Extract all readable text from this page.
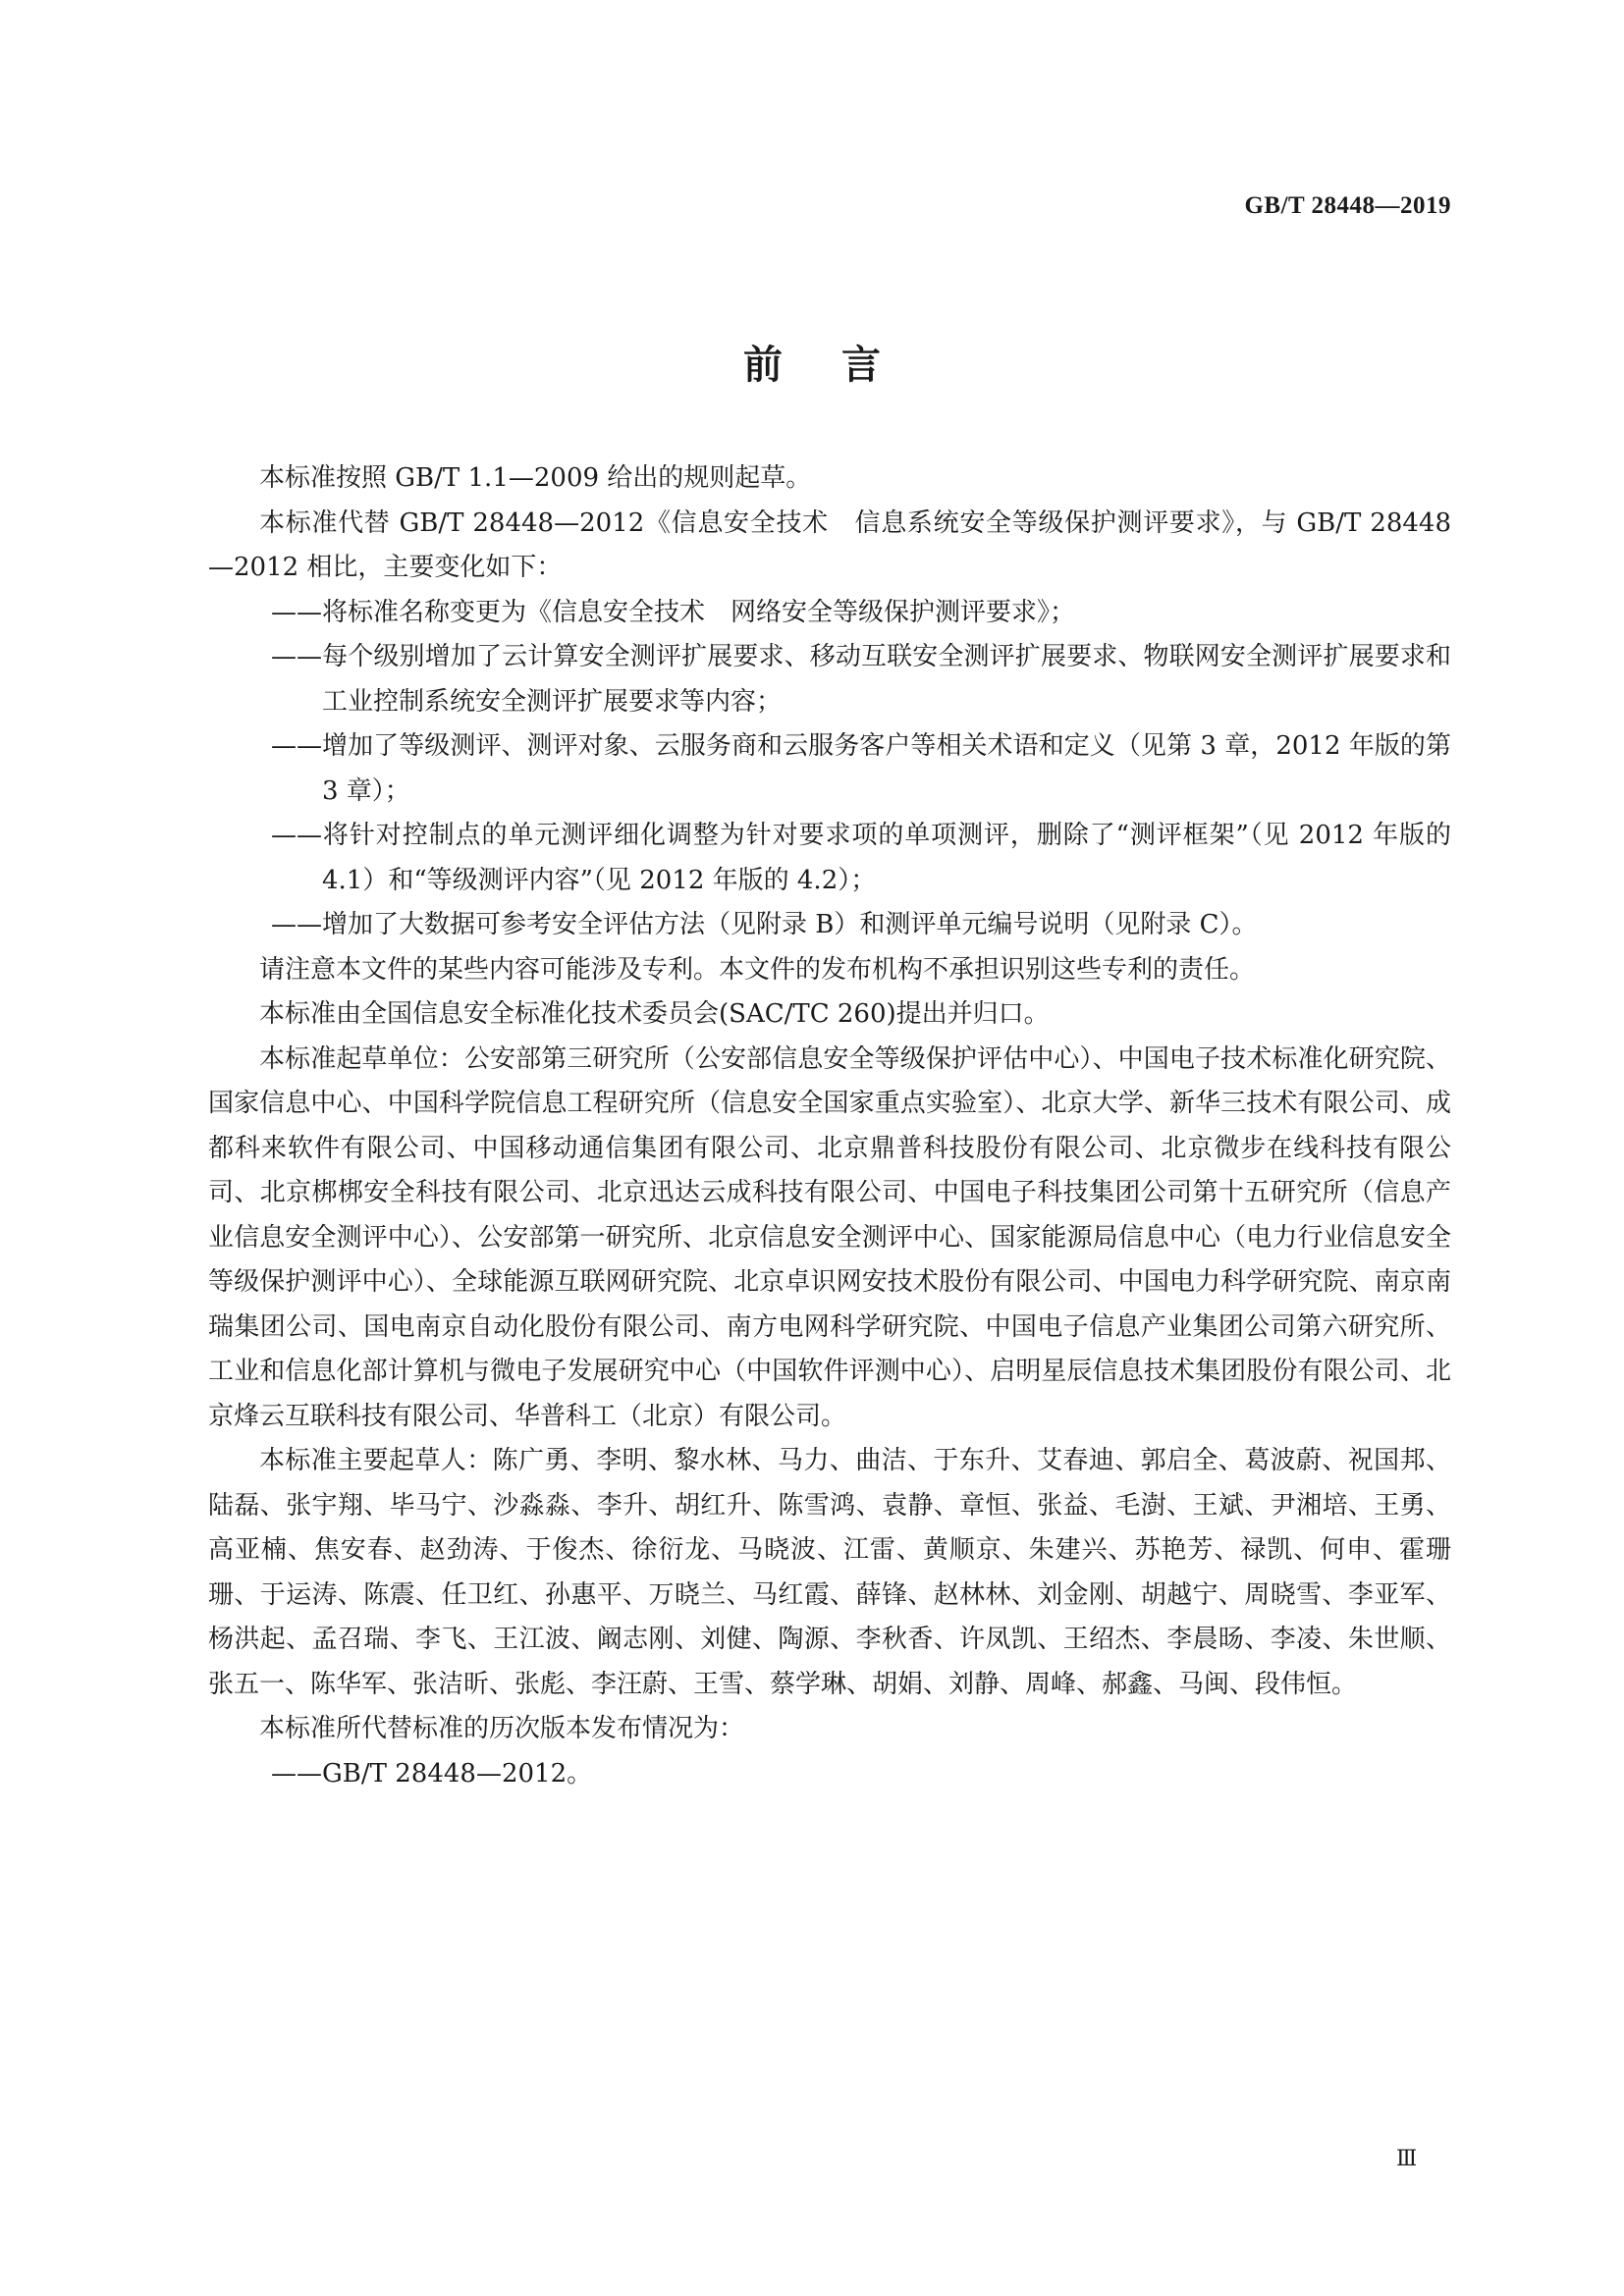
GB/T 28448—2019
前言

本标准按照 GB/T 1.1—2009 给出的规则起草。

本标准代替 GB/T 28448—2012《信息安全技术　信息系统安全等级保护测评要求》，与 GB/T 28448—2012 相比，主要变化如下：

——将标准名称变更为《信息安全技术　网络安全等级保护测评要求》；

——每个级别增加了云计算安全测评扩展要求、移动互联安全测评扩展要求、物联网安全测评扩展要求和工业控制系统安全测评扩展要求等内容；

——增加了等级测评、测评对象、云服务商和云服务客户等相关术语和定义（见第 3 章，2012 年版的第 3 章）；

——将针对控制点的单元测评细化调整为针对要求项的单项测评，删除了“测评框架”（见 2012 年版的 4.1）和“等级测评内容”（见 2012 年版的 4.2）；

——增加了大数据可参考安全评估方法（见附录 B）和测评单元编号说明（见附录 C）。

请注意本文件的某些内容可能涉及专利。本文件的发布机构不承担识别这些专利的责任。

本标准由全国信息安全标准化技术委员会(SAC/TC 260)提出并归口。

本标准起草单位：公安部第三研究所（公安部信息安全等级保护评估中心）、中国电子技术标准化研究院、国家信息中心、中国科学院信息工程研究所（信息安全国家重点实验室）、北京大学、新华三技术有限公司、成都科来软件有限公司、中国移动通信集团有限公司、北京鼎普科技股份有限公司、北京微步在线科技有限公司、北京梆梆安全科技有限公司、北京迅达云成科技有限公司、中国电子科技集团公司第十五研究所（信息产业信息安全测评中心）、公安部第一研究所、北京信息安全测评中心、国家能源局信息中心（电力行业信息安全等级保护测评中心）、全球能源互联网研究院、北京卓识网安技术股份有限公司、中国电力科学研究院、南京南瑞集团公司、国电南京自动化股份有限公司、南方电网科学研究院、中国电子信息产业集团公司第六研究所、工业和信息化部计算机与微电子发展研究中心（中国软件评测中心）、启明星辰信息技术集团股份有限公司、北京烽云互联科技有限公司、华普科工（北京）有限公司。

本标准主要起草人：陈广勇、李明、黎水林、马力、曲洁、于东升、艾春迪、郭启全、葛波蔚、祝国邦、陆磊、张宇翔、毕马宁、沙淼淼、李升、胡红升、陈雪鸿、袁静、章恒、张益、毛澍、王斌、尹湘培、王勇、高亚楠、焦安春、赵劲涛、于俊杰、徐衍龙、马晓波、江雷、黄顺京、朱建兴、苏艳芳、禄凯、何申、霍珊珊、于运涛、陈震、任卫红、孙惠平、万晓兰、马红霞、薛锋、赵林林、刘金刚、胡越宁、周晓雪、李亚军、杨洪起、孟召瑞、李飞、王江波、阚志刚、刘健、陶源、李秋香、许凤凯、王绍杰、李晨旸、李凌、朱世顺、张五一、陈华军、张洁昕、张彪、李汪蔚、王雪、蔡学琳、胡娟、刘静、周峰、郝鑫、马闽、段伟恒。

本标准所代替标准的历次版本发布情况为：

——GB/T 28448—2012。

Ⅲ
